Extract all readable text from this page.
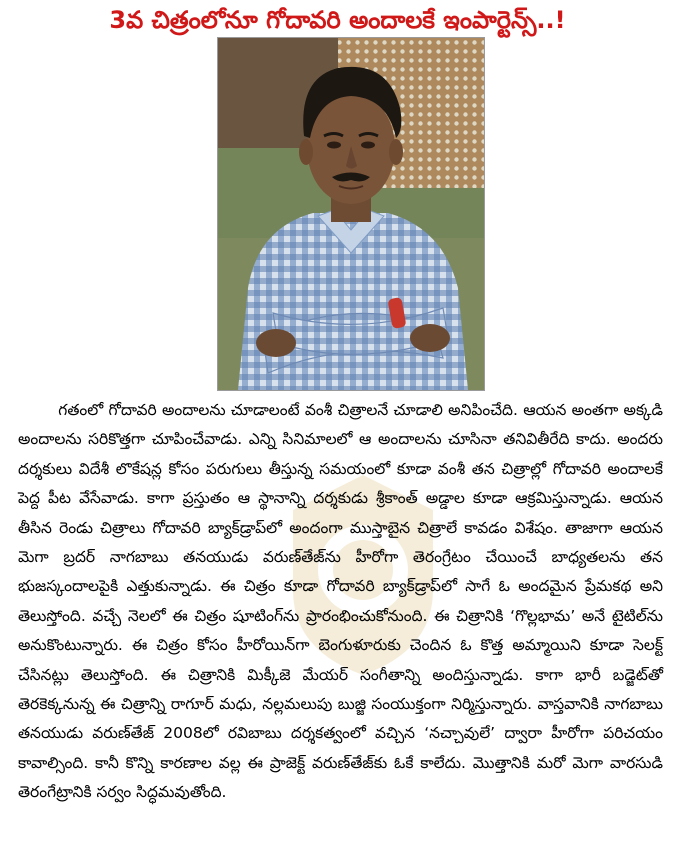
3వ చిత్రంలోనూ గోదావరి అందాలకే ఇంపార్టెన్స్..!

గతంలో గోదావరి అందాలను చూడాలంటే వంశీ చిత్రాలనే చూడాలి అనిపించేది. ఆయన అంతగా అక్కడి అందాలను సరికొత్తగా చూపించేవాడు. ఎన్ని సినిమాలలో ఆ అందాలను చూసినా తనివితీరేది కాదు. అందరు దర్శకులు విదేశీ లొకేషన్ల కోసం పరుగులు తీస్తున్న సమయంలో కూడా వంశీ తన చిత్రాల్లో గోదావరి అందాలకే పెద్ద పీట వేసేవాడు. కాగా ప్రస్తుతం ఆ స్థానాన్ని దర్శకుడు శ్రీకాంత్ అడ్డాల కూడా ఆక్రమిస్తున్నాడు. ఆయన తీసిన రెండు చిత్రాలు గోదావరి బ్యాక్‌డ్రాప్‌లో అందంగా ముస్తాబైన చిత్రాలే కావడం విశేషం. తాజాగా ఆయన మెగా బ్రదర్ నాగబాబు తనయుడు వరుణ్‌తేజ్‌ను హీరోగా తెరంగ్రేటం చేయించే బాధ్యతలను తన భుజస్కందాలపైకి ఎత్తుకున్నాడు. ఈ చిత్రం కూడా గోదావరి బ్యాక్‌డ్రాప్‌లో సాగే ఓ అందమైన ప్రేమకథ అని తెలుస్తోంది. వచ్చే నెలలో ఈ చిత్రం షూటింగ్‌ను ప్రారంభించుకోనుంది. ఈ చిత్రానికి ‘గొల్లభామ’ అనే టైటిల్‌ను అనుకొంటున్నారు. ఈ చిత్రం కోసం హీరోయిన్‌గా బెంగుళూరుకు చెందిన ఓ కొత్త అమ్మాయిని కూడా సెలక్ట్ చేసినట్లు తెలుస్తోంది. ఈ చిత్రానికి మిక్కీజె మేయర్ సంగీతాన్ని అందిస్తున్నాడు. కాగా భారీ బడ్జెట్‌తో తెరకెక్కనున్న ఈ చిత్రాన్ని రాగూర్ మధు, నల్లమలుపు బుజ్జి సంయుక్తంగా నిర్మిస్తున్నారు. వాస్తవానికి నాగబాబు తనయుడు వరుణ్‌తేజ్ 2008లో రవిబాబు దర్శకత్వంలో వచ్చిన ‘నచ్చావులే’ ద్వారా హీరోగా పరిచయం కావాల్సింది. కానీ కొన్ని కారణాల వల్ల ఈ ప్రాజెక్ట్ వరుణ్‌తేజ్‌కు ఓకే కాలేదు. మొత్తానికి మరో మెగా వారసుడి తెరంగేట్రానికి సర్వం సిద్ధమవుతోంది.
